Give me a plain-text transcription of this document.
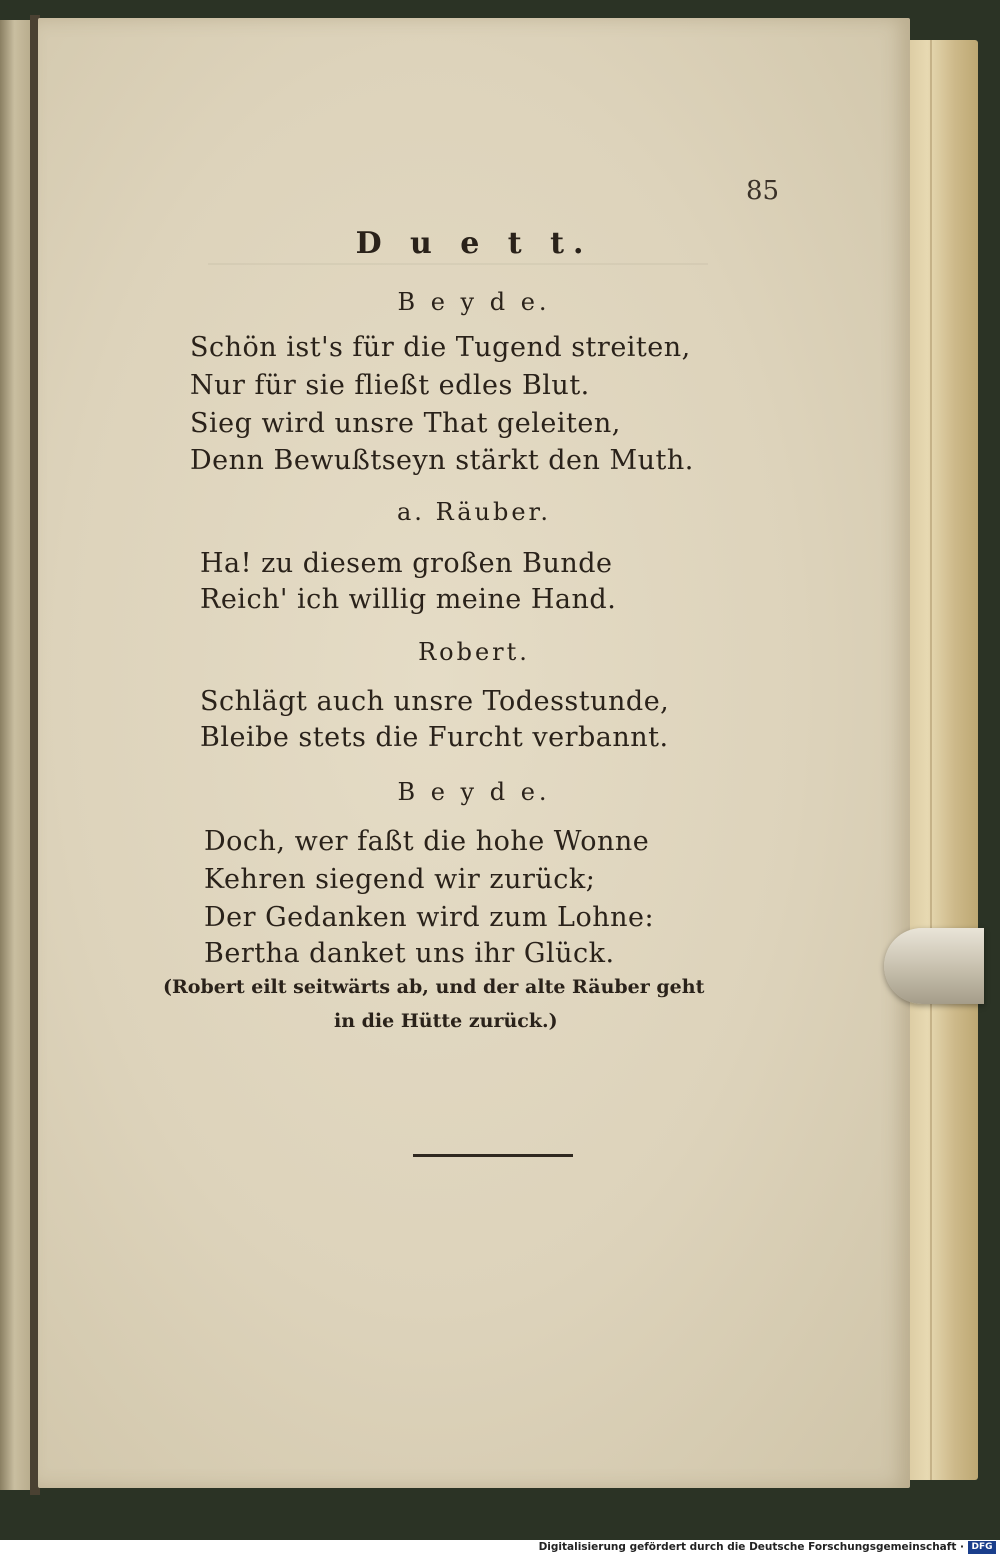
85
D u e t t.
B e y d e.
Schön ist's für die Tugend streiten,
Nur für sie fließt edles Blut.
Sieg wird unsre That geleiten,
Denn Bewußtseyn stärkt den Muth.
a. Räuber.
Ha! zu diesem großen Bunde
Reich' ich willig meine Hand.
Robert.
Schlägt auch unsre Todesstunde,
Bleibe stets die Furcht verbannt.
B e y d e.
Doch, wer faßt die hohe Wonne
Kehren siegend wir zurück;
Der Gedanken wird zum Lohne:
Bertha danket uns ihr Glück.
(Robert eilt seitwärts ab, und der alte Räuber geht
in die Hütte zurück.)
Digitalisierung gefördert durch die Deutsche Forschungsgemeinschaft · DFG
